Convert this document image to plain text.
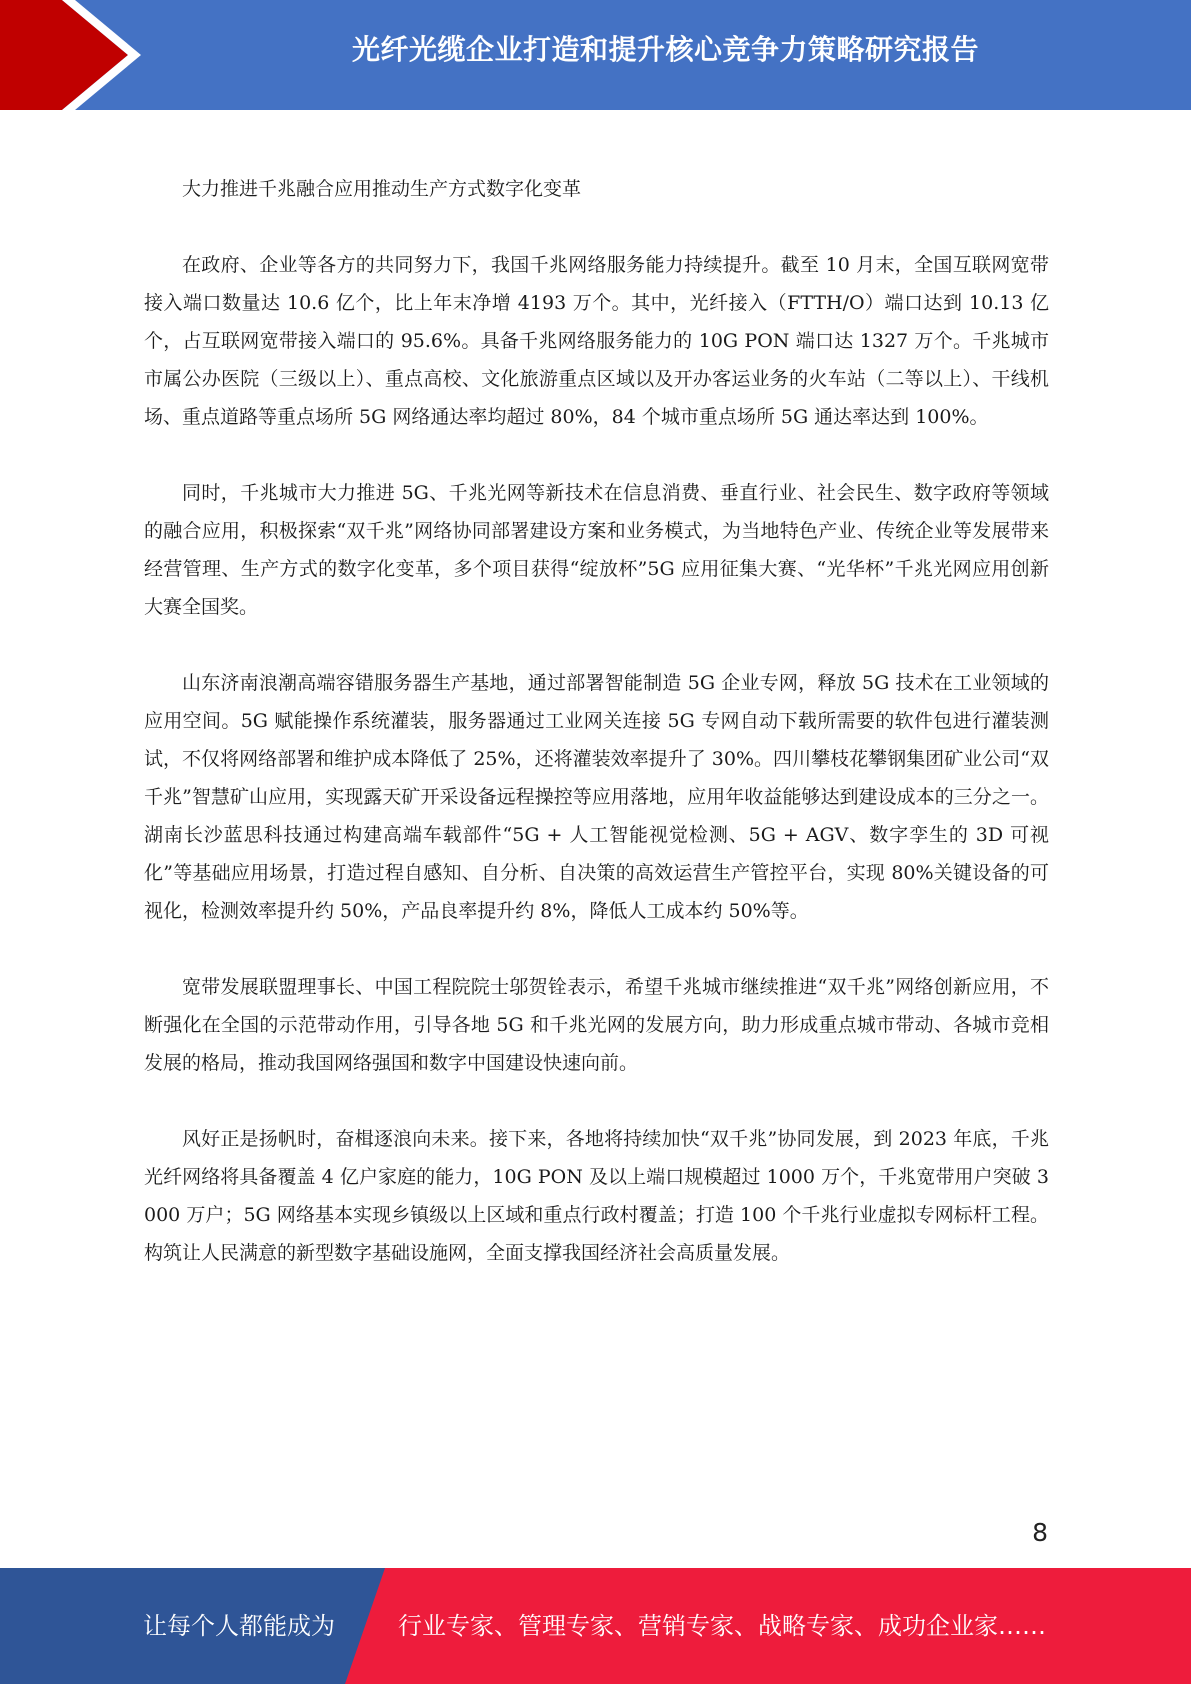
光纤光缆企业打造和提升核心竞争力策略研究报告

大力推进千兆融合应用推动生产方式数字化变革

在政府、企业等各方的共同努力下，我国千兆网络服务能力持续提升。截至 10 月末，全国互联网宽带接入端口数量达 10.6 亿个，比上年末净增 4193 万个。其中，光纤接入（FTTH/O）端口达到 10.13 亿个，占互联网宽带接入端口的 95.6%。具备千兆网络服务能力的 10G PON 端口达 1327 万个。千兆城市市属公办医院（三级以上）、重点高校、文化旅游重点区域以及开办客运业务的火车站（二等以上）、干线机场、重点道路等重点场所 5G 网络通达率均超过 80%，84 个城市重点场所 5G 通达率达到 100%。

同时，千兆城市大力推进 5G、千兆光网等新技术在信息消费、垂直行业、社会民生、数字政府等领域的融合应用，积极探索“双千兆”网络协同部署建设方案和业务模式，为当地特色产业、传统企业等发展带来经营管理、生产方式的数字化变革，多个项目获得“绽放杯”5G 应用征集大赛、“光华杯”千兆光网应用创新大赛全国奖。

山东济南浪潮高端容错服务器生产基地，通过部署智能制造 5G 企业专网，释放 5G 技术在工业领域的应用空间。5G 赋能操作系统灌装，服务器通过工业网关连接 5G 专网自动下载所需要的软件包进行灌装测试，不仅将网络部署和维护成本降低了 25%，还将灌装效率提升了 30%。四川攀枝花攀钢集团矿业公司“双千兆”智慧矿山应用，实现露天矿开采设备远程操控等应用落地，应用年收益能够达到建设成本的三分之一。湖南长沙蓝思科技通过构建高端车载部件“5G + 人工智能视觉检测、5G + AGV、数字孪生的 3D 可视化”等基础应用场景，打造过程自感知、自分析、自决策的高效运营生产管控平台，实现 80%关键设备的可视化，检测效率提升约 50%，产品良率提升约 8%，降低人工成本约 50%等。

宽带发展联盟理事长、中国工程院院士邬贺铨表示，希望千兆城市继续推进“双千兆”网络创新应用，不断强化在全国的示范带动作用，引导各地 5G 和千兆光网的发展方向，助力形成重点城市带动、各城市竞相发展的格局，推动我国网络强国和数字中国建设快速向前。

风好正是扬帆时，奋楫逐浪向未来。接下来，各地将持续加快“双千兆”协同发展，到 2023 年底，千兆光纤网络将具备覆盖 4 亿户家庭的能力，10G PON 及以上端口规模超过 1000 万个，千兆宽带用户突破 3000 万户；5G 网络基本实现乡镇级以上区域和重点行政村覆盖；打造 100 个千兆行业虚拟专网标杆工程。构筑让人民满意的新型数字基础设施网，全面支撑我国经济社会高质量发展。

8
让每个人都能成为	行业专家、管理专家、营销专家、战略专家、成功企业家……
